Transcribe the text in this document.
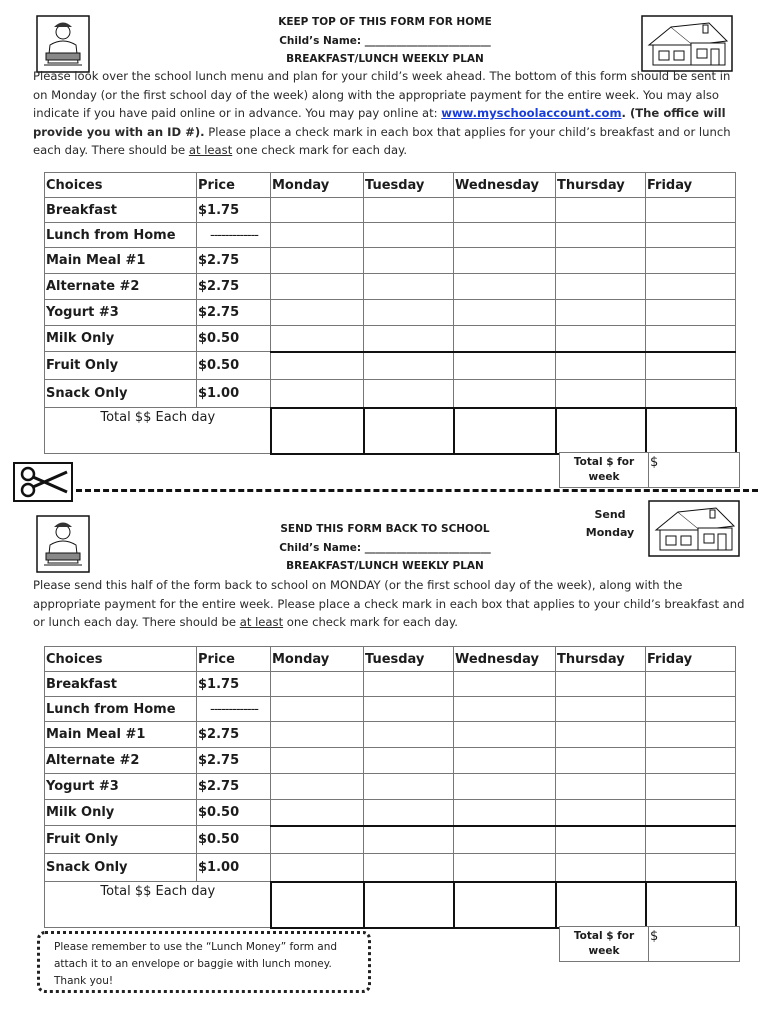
KEEP TOP OF THIS FORM FOR HOME
Child’s Name: ________________________
BREAKFAST/LUNCH WEEKLY PLAN
Please look over the school lunch menu and plan for your child’s week ahead. The bottom of this form should be sent in on Monday (or the first school day of the week) along with the appropriate payment for the entire week. You may also indicate if you have paid online or in advance. You may pay online at: www.myschoolaccount.com. (The office will provide you with an ID #). Please place a check mark in each box that applies for your child’s breakfast and or lunch each day. There should be at least one check mark for each day.
Choices	Price	Monday	Tuesday	Wednesday	Thursday	Friday
Breakfast	$1.75					
Lunch from Home	-------------					
Main Meal #1	$2.75					
Alternate #2	$2.75					
Yogurt #3	$2.75					
Milk Only	$0.50					
Fruit Only	$0.50					
Snack Only	$1.00					
Total $$ Each day						
Total $ for
week
$
Send
Monday
SEND THIS FORM BACK TO SCHOOL
Child’s Name: ________________________
BREAKFAST/LUNCH WEEKLY PLAN
Please send this half of the form back to school on MONDAY (or the first school day of the week), along with the appropriate payment for the entire week. Please place a check mark in each box that applies to your child’s breakfast and or lunch each day. There should be at least one check mark for each day.
Choices	Price	Monday	Tuesday	Wednesday	Thursday	Friday
Breakfast	$1.75					
Lunch from Home	-------------					
Main Meal #1	$2.75					
Alternate #2	$2.75					
Yogurt #3	$2.75					
Milk Only	$0.50					
Fruit Only	$0.50					
Snack Only	$1.00					
Total $$ Each day						
Total $ for
week
$
Please remember to use the “Lunch Money” form and
attach it to an envelope or baggie with lunch money.
Thank you!
